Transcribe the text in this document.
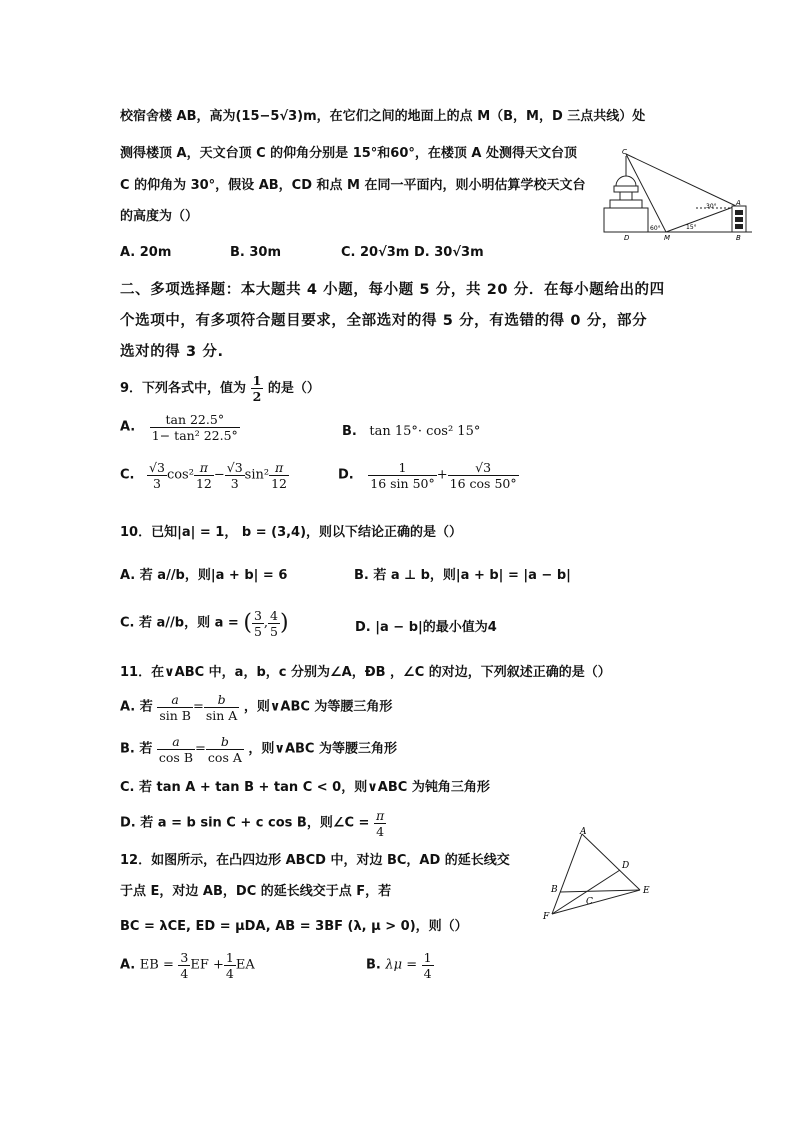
校宿舍楼 AB，高为(15−5√3)m，在它们之间的地面上的点 M（B，M，D 三点共线）处
测得楼顶 A，天文台顶 C 的仰角分别是 15°和60°，在楼顶 A 处测得天文台顶
C 的仰角为 30°，假设 AB，CD 和点 M 在同一平面内，则小明估算学校天文台
的高度为（）
A. 20m	B. 30m	C. 20√3m D. 30√3m
C
A
D	M	B
30°
60°	15°
二、多项选择题：本大题共 4 小题，每小题 5 分，共 20 分．在每小题给出的四
个选项中，有多项符合题目要求，全部选对的得 5 分，有选错的得 0 分，部分
选对的得 3 分.
9．下列各式中，值为 $\frac{1}{2}$ 的是（）
A. $\frac{\tan 22.5^\circ}{\text{1− tan² 22.5°}}$	B. tan 15°· cos² 15°
C. $\frac{√3}{3} \cos^2 \frac{\pi}{12} - \frac{√3}{3} \sin^2 \frac{\pi}{12}$	D. $\frac{1}{16 \sin 50^\circ} + \frac{√3}{16 \cos 50^\circ}$
10．已知|a| = 1， b = (3,4)，则以下结论正确的是（）
A. 若 a//b，则|a + b| = 6	B. 若 a ⊥ b，则|a + b| = |a − b|
C. 若 a//b，则 a = ( $\frac{3}{5}$ , $\frac{4}{5}$ )	D. |a − b|的最小值为4
11．在∨ABC 中，a，b，c 分别为∠A，ÐB ，∠C 的对边，下列叙述正确的是（）
A. 若 $\frac{a}{\text{sin B}} = \frac{b}{\text{sin A}}$ ，则∨ABC 为等腰三角形
B. 若 $\frac{a}{\text{cos B}} = \frac{b}{\text{cos A}}$ ，则∨ABC 为等腰三角形
C. 若 tan A + tan B + tan C < 0，则∨ABC 为钝角三角形
D. 若 a = b sin C + c cos B，则∠C = $\frac{\pi}{4}$
12．如图所示，在凸四边形 ABCD 中，对边 BC，AD 的延长线交
于点 E，对边 AB，DC 的延长线交于点 F，若
BC = λCE, ED = μDA, AB = 3BF (λ, μ > 0)，则（）
A. EB = $\frac{3}{4}$ EF + $\frac{1}{4}$ EA	B. $\lambda\mu = \frac{1}{4}$
A
D
B
C
E
F
